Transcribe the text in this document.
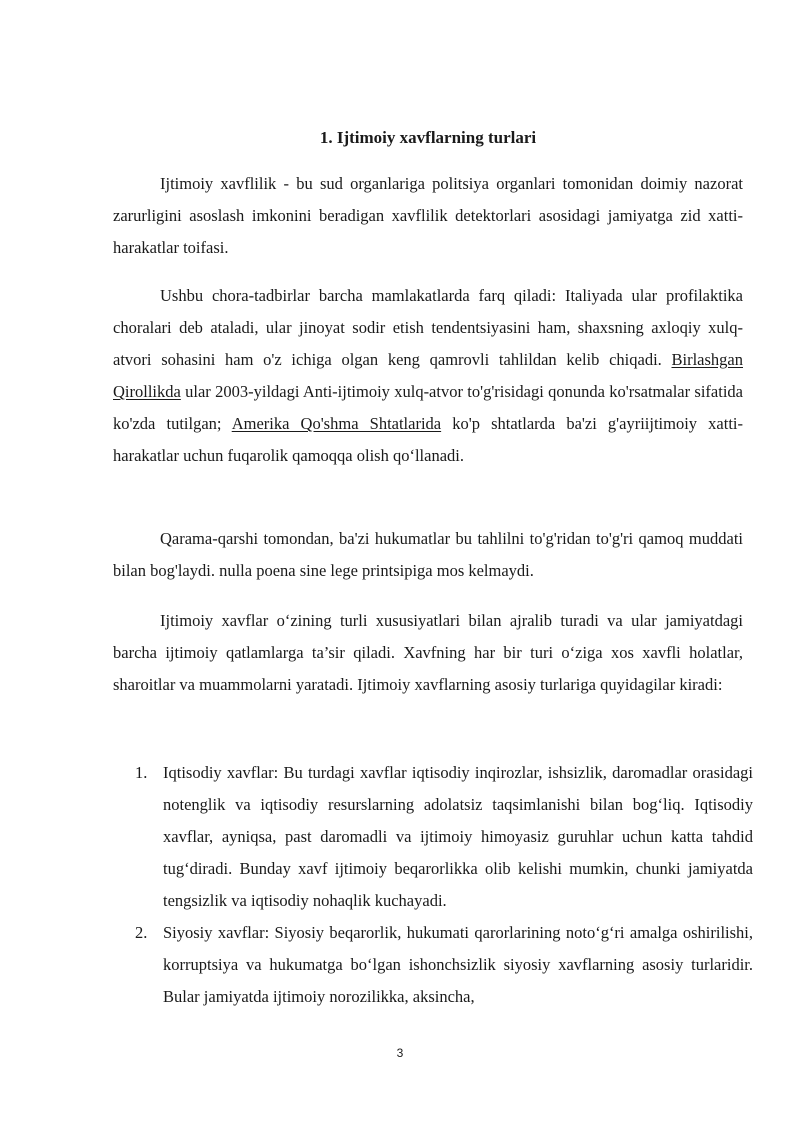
1. Ijtimoiy xavflarning turlari

Ijtimoiy xavflilik - bu sud organlariga politsiya organlari tomonidan doimiy nazorat zarurligini asoslash imkonini beradigan xavflilik detektorlari asosidagi jamiyatga zid xatti-harakatlar toifasi.

Ushbu chora-tadbirlar barcha mamlakatlarda farq qiladi: Italiyada ular profilaktika choralari deb ataladi, ular jinoyat sodir etish tendentsiyasini ham, shaxsning axloqiy xulq-atvori sohasini ham o'z ichiga olgan keng qamrovli tahlildan kelib chiqadi. Birlashgan Qirollikda ular 2003-yildagi Anti-ijtimoiy xulq-atvor to'g'risidagi qonunda ko'rsatmalar sifatida ko'zda tutilgan; Amerika Qo'shma Shtatlarida ko'p shtatlarda ba'zi g'ayriijtimoiy xatti-harakatlar uchun fuqarolik qamoqqa olish qo‘llanadi.

Qarama-qarshi tomondan, ba'zi hukumatlar bu tahlilni to'g'ridan to'g'ri qamoq muddati bilan bog'laydi. nulla poena sine lege printsipiga mos kelmaydi.

Ijtimoiy xavflar o‘zining turli xususiyatlari bilan ajralib turadi va ular jamiyatdagi barcha ijtimoiy qatlamlarga ta’sir qiladi. Xavfning har bir turi o‘ziga xos xavfli holatlar, sharoitlar va muammolarni yaratadi. Ijtimoiy xavflarning asosiy turlariga quyidagilar kiradi:

1. Iqtisodiy xavflar: Bu turdagi xavflar iqtisodiy inqirozlar, ishsizlik, daromadlar orasidagi notenglik va iqtisodiy resurslarning adolatsiz taqsimlanishi bilan bog‘liq. Iqtisodiy xavflar, ayniqsa, past daromadli va ijtimoiy himoyasiz guruhlar uchun katta tahdid tug‘diradi. Bunday xavf ijtimoiy beqarorlikka olib kelishi mumkin, chunki jamiyatda tengsizlik va iqtisodiy nohaqlik kuchayadi.
2. Siyosiy xavflar: Siyosiy beqarorlik, hukumati qarorlarining noto‘g‘ri amalga oshirilishi, korruptsiya va hukumatga bo‘lgan ishonchsizlik siyosiy xavflarning asosiy turlaridir. Bular jamiyatda ijtimoiy norozilikka, aksincha,
3
